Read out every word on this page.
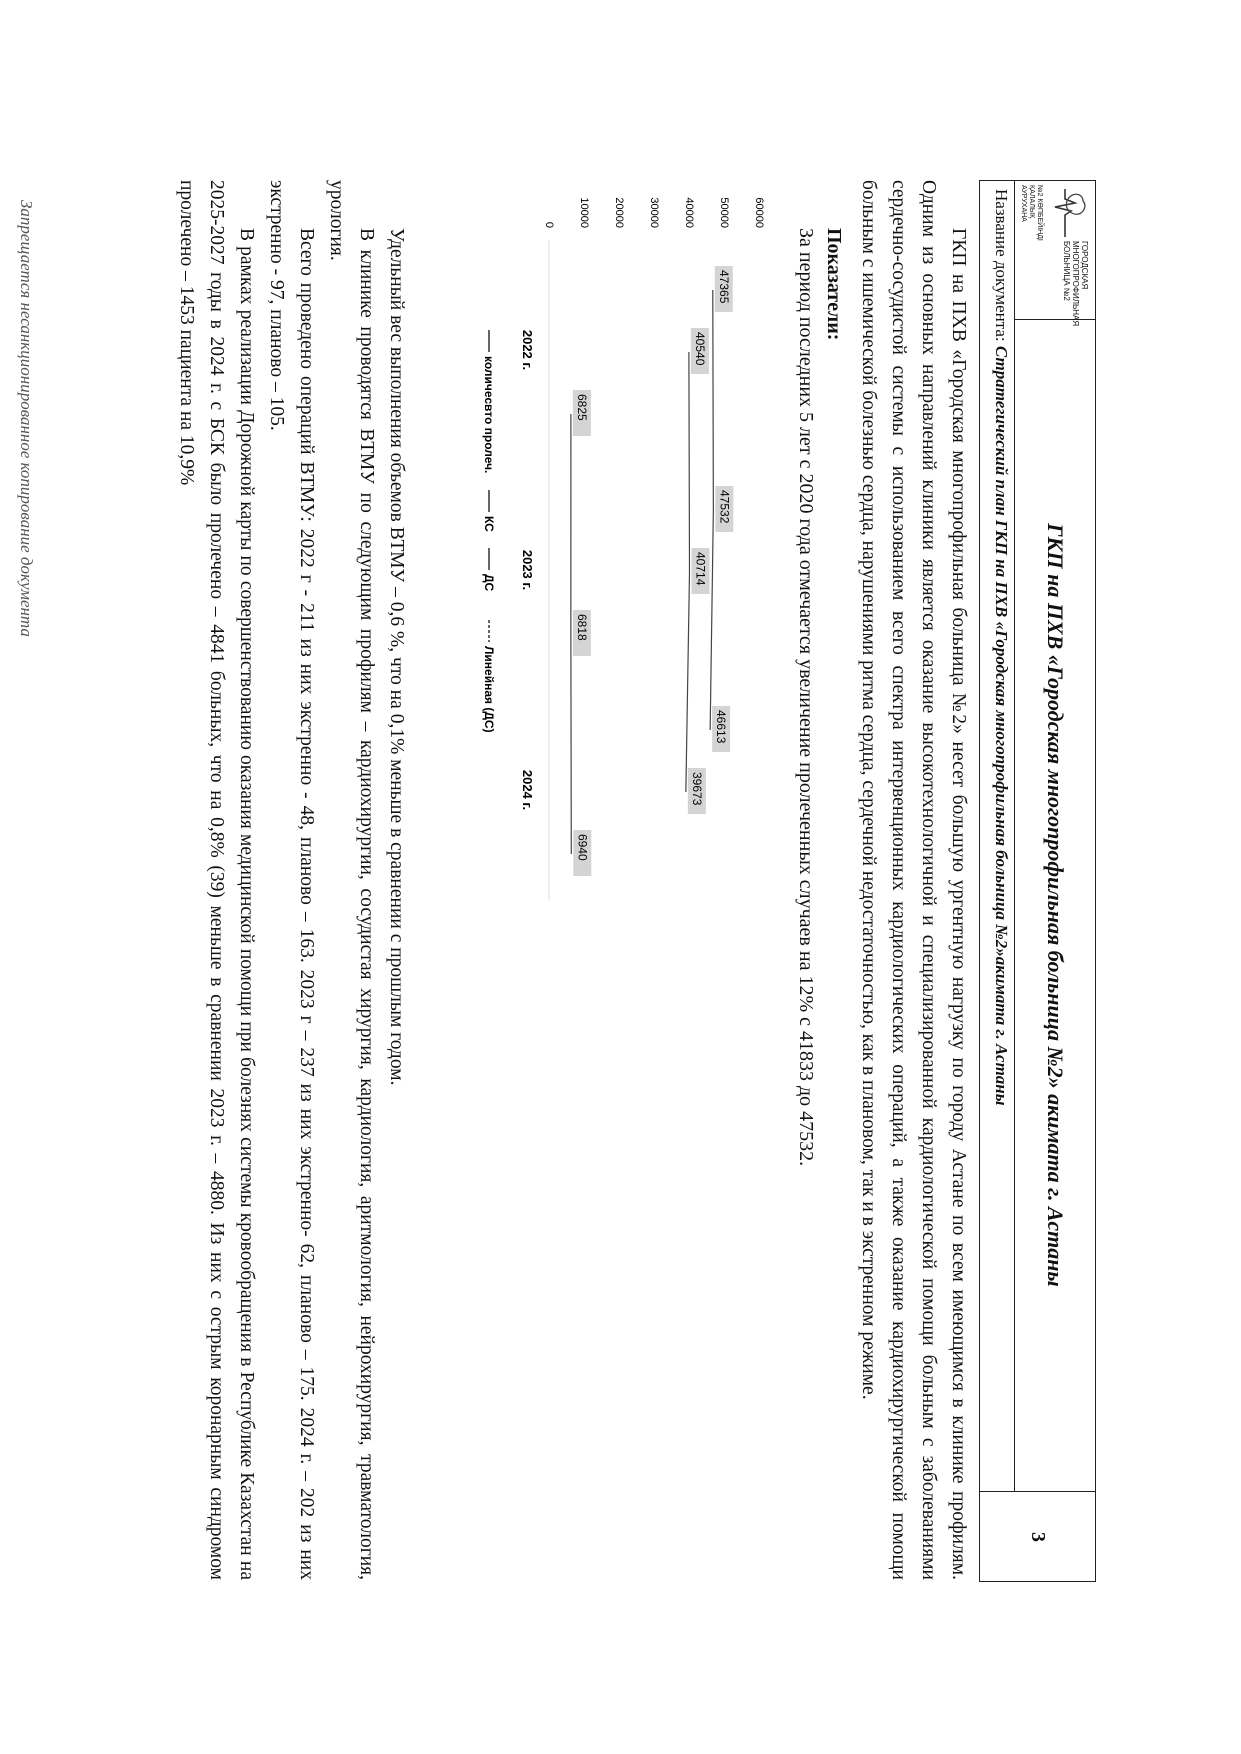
ГОРОДСКАЯ
МНОГОПРОФИЛЬНАЯ
БОЛЬНИЦА №2
№2 КӨПБЕЙІНДІ
ҚАЛАЛЫҚ
АУРУХАНА
ГКП на ПХВ «Городская многопрофильная больница №2» акимата г. Астаны
3
Название документа: Стратегический план ГКП на ПХВ «Городская многопрофильная больница №2»акимата г. Астаны

ГКП на ПХВ «Городская многопрофильная больница №2» несет большую ургентную нагрузку по городу Астане по всем имеющимся в клинике профилям. Одним из основных направлений клиники является оказание высокотехнологичной и специализированной кардиологической помощи больным с заболеваниями сердечно-сосудистой системы с использованием всего спектра интервенционных кардиологических операций, а также оказание кардиохирургической помощи больным с ишемической болезнью сердца, нарушениями ритма сердца, сердечной недостаточностью, как в плановом, так и в экстренном режиме.

Показатели:
За период последних 5 лет с 2020 года отмечается увеличение пролеченных случаев на 12% с 41833 до 47532.
60000
50000
40000
30000
20000
10000
0
47365
40540
6825
47532
40714
6818
46613
39673
6940
2022 г.
2023 г.
2024 г.
количесвто пролеч.
КС
ДС
Линейная (ДС)

Удельный вес выполнения объемов ВТМУ – 0,6 %, что на 0,1% меньше в сравнении с прошлым годом.

В клинике проводятся ВТМУ по следующим профилям – кардиохирургии, сосудистая хирургия, кардиология, аритмология, нейрохирургия, травматология, урология.

Всего проведено операций ВТМУ: 2022 г - 211 из них экстренно - 48, планово – 163. 2023 г – 237 из них экстренно- 62, планово – 175. 2024 г. – 202 из них экстренно - 97, планово – 105.

В рамках реализации Дорожной карты по совершенствованию оказания медицинской помощи при болезнях системы кровообращения в Республике Казахстан на 2025-2027 годы в 2024 г. с БСК было пролечено – 4841 больных, что на 0,8% (39) меньше в сравнении 2023 г. – 4880. Из них с острым коронарным синдромом пролечено – 1453 пациента на 10,9%

Запрещается несанкционированное копирование документа
